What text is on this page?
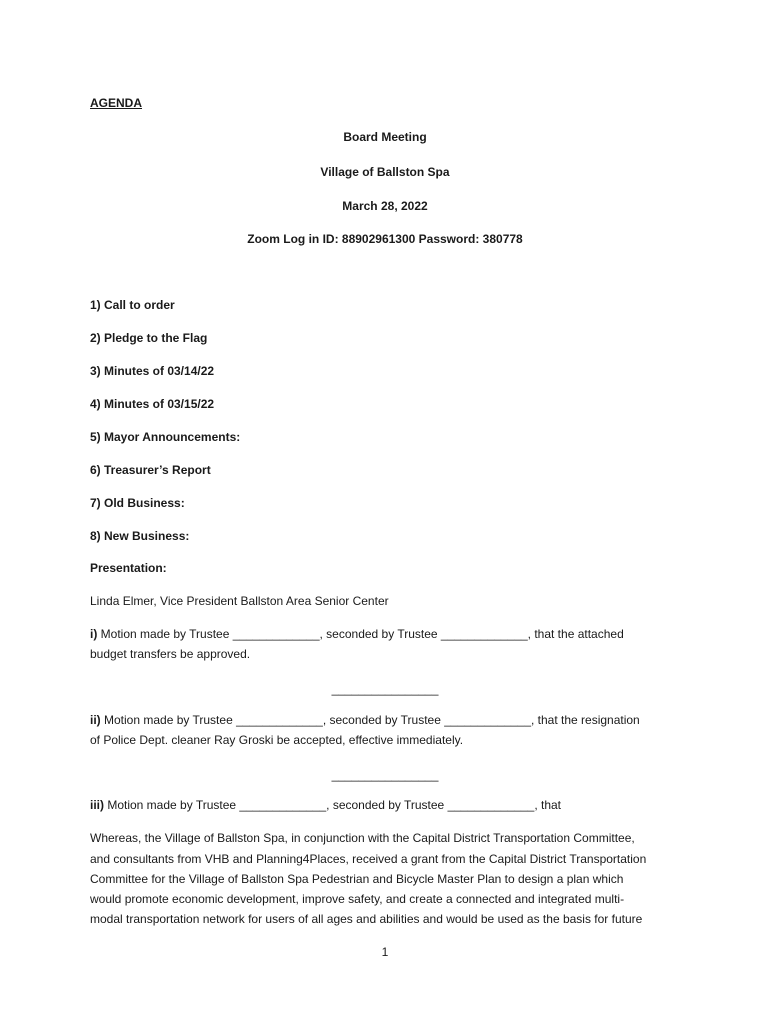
AGENDA
Board Meeting
Village of Ballston Spa
March 28, 2022
Zoom Log in ID: 88902961300 Password: 380778
1) Call to order
2) Pledge to the Flag
3) Minutes of 03/14/22
4) Minutes of 03/15/22
5) Mayor Announcements:
6) Treasurer’s Report
7) Old Business:
8) New Business:
Presentation:
Linda Elmer, Vice President Ballston Area Senior Center
i) Motion made by Trustee _____________, seconded by Trustee _____________, that the attached
budget transfers be approved.
________________
ii) Motion made by Trustee _____________, seconded by Trustee _____________, that the resignation
of Police Dept. cleaner Ray Groski be accepted, effective immediately.
________________
iii) Motion made by Trustee _____________, seconded by Trustee _____________, that
Whereas, the Village of Ballston Spa, in conjunction with the Capital District Transportation Committee,
and consultants from VHB and Planning4Places, received a grant from the Capital District Transportation
Committee for the Village of Ballston Spa Pedestrian and Bicycle Master Plan to design a plan which
would promote economic development, improve safety, and create a connected and integrated multi-
modal transportation network for users of all ages and abilities and would be used as the basis for future
1
